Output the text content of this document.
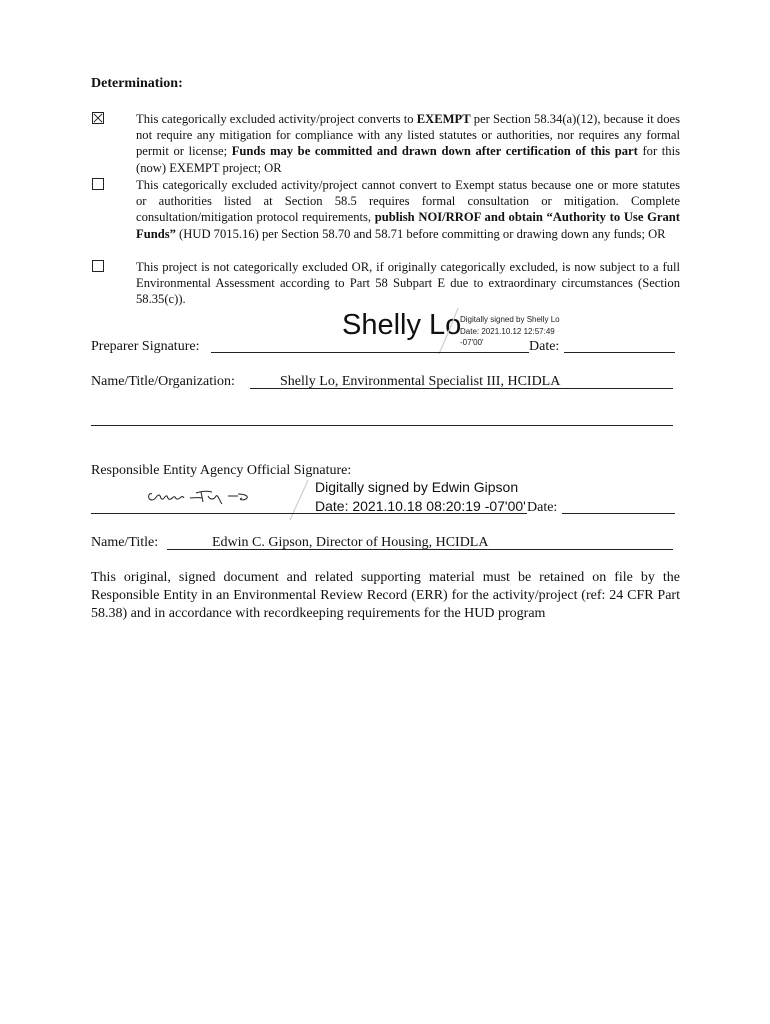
Determination:
This categorically excluded activity/project converts to EXEMPT per Section 58.34(a)(12), because it does not require any mitigation for compliance with any listed statutes or authorities, nor requires any formal permit or license; Funds may be committed and drawn down after certification of this part for this (now) EXEMPT project; OR
This categorically excluded activity/project cannot convert to Exempt status because one or more statutes or authorities listed at Section 58.5 requires formal consultation or mitigation. Complete consultation/mitigation protocol requirements, publish NOI/RROF and obtain “Authority to Use Grant Funds” (HUD 7015.16) per Section 58.70 and 58.71 before committing or drawing down any funds; OR
This project is not categorically excluded OR, if originally categorically excluded, is now subject to a full Environmental Assessment according to Part 58 Subpart E due to extraordinary circumstances (Section 58.35(c)).
Shelly Lo
Digitally signed by Shelly Lo
Date: 2021.10.12 12:57:49
-07'00'
Preparer Signature:	Date:
Name/Title/Organization:	Shelly Lo, Environmental Specialist III, HCIDLA
Responsible Entity Agency Official Signature:
Digitally signed by Edwin Gipson
Date: 2021.10.18 08:20:19 -07'00' Date:
Name/Title:	Edwin C. Gipson, Director of Housing, HCIDLA
This original, signed document and related supporting material must be retained on file by the Responsible Entity in an Environmental Review Record (ERR) for the activity/project (ref: 24 CFR Part 58.38) and in accordance with recordkeeping requirements for the HUD program
